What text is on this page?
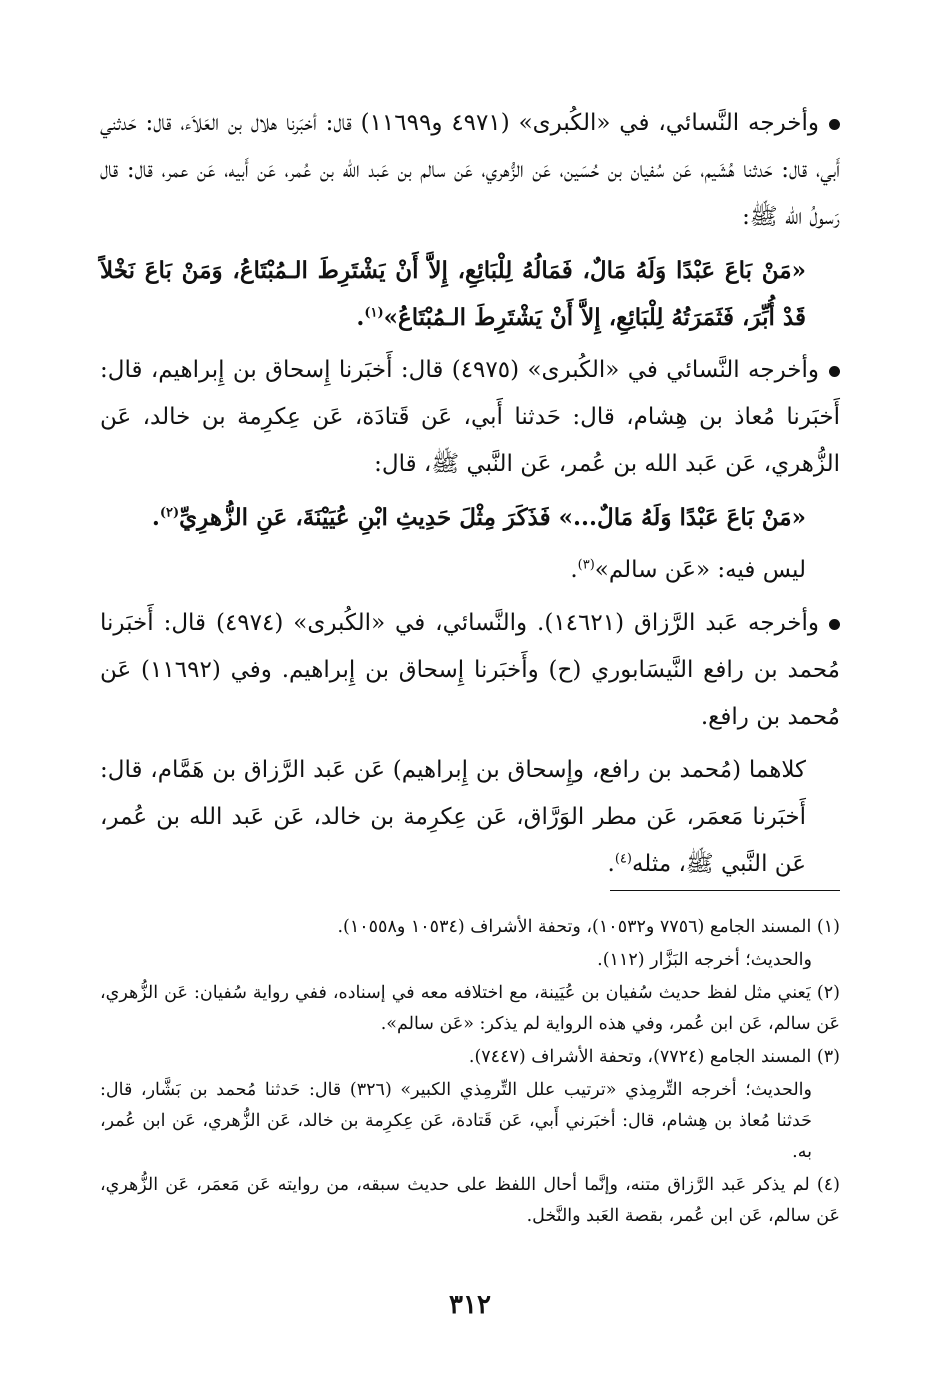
وأخرجه النَّسائي، في «الكُبرى» (٤٩٧١ و١١٦٩٩) قال: أخبَرنا هلال بن العَلاَء، قال: حَدثني أَبي، قال: حَدثنا هُشَيم، عَن سُفيان بن حُسَين، عَن الزُّهري، عَن سالم بن عَبد الله بن عُمر، عَن أَبيه، عَن عمر، قال: قال رَسولُ الله ﷺ:

«مَنْ بَاعَ عَبْدًا وَلَهُ مَالٌ، فَمَالُهُ لِلْبَائِعِ، إِلاَّ أَنْ يَشْتَرِطَ الـمُبْتَاعُ، وَمَنْ بَاعَ نَخْلاً قَدْ أُبِّرَ، فَثَمَرَتُهُ لِلْبَائِعِ، إِلاَّ أَنْ يَشْتَرِطَ الـمُبْتَاعُ»$^{(١)}$.

وأخرجه النَّسائي في «الكُبرى» (٤٩٧٥) قال: أَخبَرنا إِسحاق بن إِبراهيم، قال: أَخبَرنا مُعاذ بن هِشام، قال: حَدثنا أَبي، عَن قَتادَة، عَن عِكرِمة بن خالد، عَن الزُّهري، عَن عَبد الله بن عُمر، عَن النَّبي ﷺ، قال:

«مَنْ بَاعَ عَبْدًا وَلَهُ مَالٌ...» فَذَكَرَ مِثْلَ حَدِيثِ ابْنِ عُيَيْنَةَ، عَنِ الزُّهرِيِّ$^{(٢)}$.

ليس فيه: «عَن سالم»$^{(٣)}$.

وأخرجه عَبد الرَّزاق (١٤٦٢١). والنَّسائي، في «الكُبرى» (٤٩٧٤) قال: أَخبَرنا مُحمد بن رافع النَّيسَابوري (ح) وأَخبَرنا إِسحاق بن إِبراهيم. وفي (١١٦٩٢) عَن مُحمد بن رافع.

كلاهما (مُحمد بن رافع، وإِسحاق بن إِبراهيم) عَن عَبد الرَّزاق بن هَمَّام، قال: أَخبَرنا مَعمَر، عَن مطر الوَرَّاق، عَن عِكرِمة بن خالد، عَن عَبد الله بن عُمر، عَن النَّبي ﷺ، مثله$^{(٤)}$.

(١) المسند الجامع (٧٧٥٦ و١٠٥٣٢)، وتحفة الأشراف (١٠٥٣٤ و١٠٥٥٨).

والحديث؛ أخرجه البَزَّار (١١٢).

(٢) يَعني مثل لفظ حديث سُفيان بن عُيَينة، مع اختلافه معه في إسناده، ففي رواية سُفيان: عَن الزُّهري، عَن سالم، عَن ابن عُمر، وفي هذه الرواية لم يذكر: «عَن سالم».

(٣) المسند الجامع (٧٧٢٤)، وتحفة الأشراف (٧٤٤٧).

والحديث؛ أخرجه التِّرمِذي «ترتيب علل التِّرمِذي الكبير» (٣٢٦) قال: حَدثنا مُحمد بن بَشَّار، قال: حَدثنا مُعاذ بن هِشام، قال: أخبَرني أَبي، عَن قَتادة، عَن عِكرِمة بن خالد، عَن الزُّهري، عَن ابن عُمر، به.

(٤) لم يذكر عَبد الرَّزاق متنه، وإنَّما أحال اللفظ على حديث سبقه، من روايته عَن مَعمَر، عَن الزُّهري، عَن سالم، عَن ابن عُمر، بقصة العَبد والنَّخل.

٣١٢
